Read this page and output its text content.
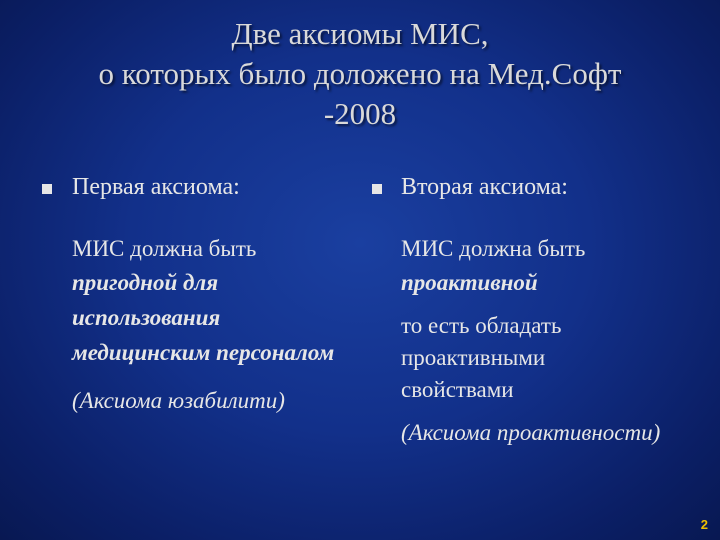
Две аксиомы МИС,
о которых было доложено на Мед.Софт
-2008
Первая аксиома:
МИС должна быть
пригодной для
использования
медицинским персоналом
(Аксиома юзабилити)
Вторая аксиома:
МИС должна быть
проактивной
то есть обладать
проактивными
свойствами
(Аксиома проактивности)
2
